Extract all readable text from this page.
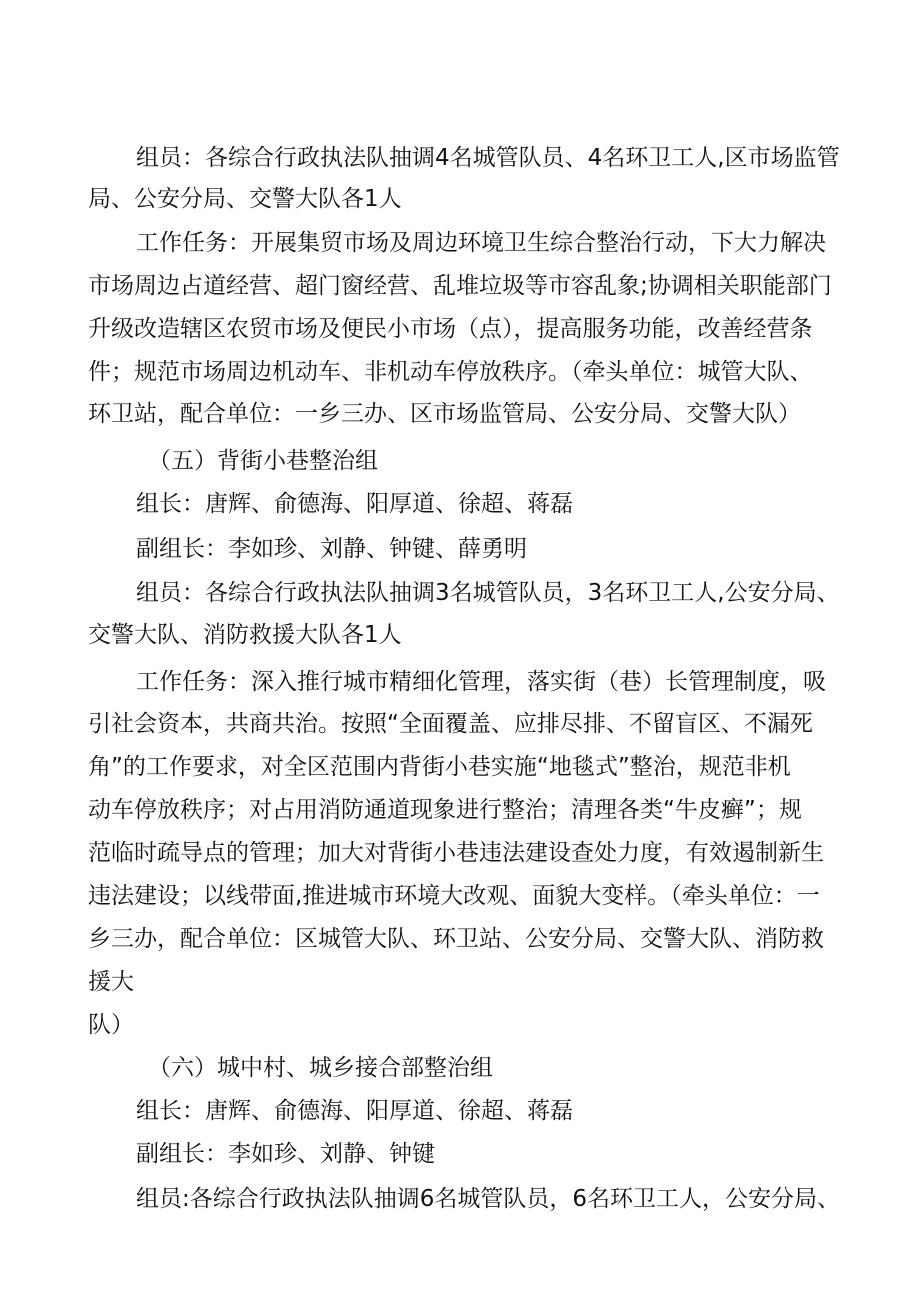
组员：各综合行政执法队抽调4名城管队员、4名环卫工人,区市场监管

局、公安分局、交警大队各1人

工作任务：开展集贸市场及周边环境卫生综合整治行动，下大力解决

市场周边占道经营、超门窗经营、乱堆垃圾等市容乱象;协调相关职能部门

升级改造辖区农贸市场及便民小市场（点），提高服务功能，改善经营条

件；规范市场周边机动车、非机动车停放秩序。（牵头单位：城管大队、

环卫站，配合单位：一乡三办、区市场监管局、公安分局、交警大队）

（五）背街小巷整治组

组长：唐辉、俞德海、阳厚道、徐超、蒋磊

副组长：李如珍、刘静、钟键、薛勇明

组员：各综合行政执法队抽调3名城管队员，3名环卫工人,公安分局、

交警大队、消防救援大队各1人

工作任务：深入推行城市精细化管理，落实街（巷）长管理制度，吸

引社会资本，共商共治。按照“全面覆盖、应排尽排、不留盲区、不漏死

角”的工作要求，对全区范围内背街小巷实施“地毯式”整治，规范非机

动车停放秩序；对占用消防通道现象进行整治；清理各类“牛皮癣”；规

范临时疏导点的管理；加大对背街小巷违法建设查处力度，有效遏制新生

违法建设；以线带面,推进城市环境大改观、面貌大变样。（牵头单位：一

乡三办，配合单位：区城管大队、环卫站、公安分局、交警大队、消防救

援大

队）

（六）城中村、城乡接合部整治组

组长：唐辉、俞德海、阳厚道、徐超、蒋磊

副组长：李如珍、刘静、钟键

组员:各综合行政执法队抽调6名城管队员，6名环卫工人，公安分局、
